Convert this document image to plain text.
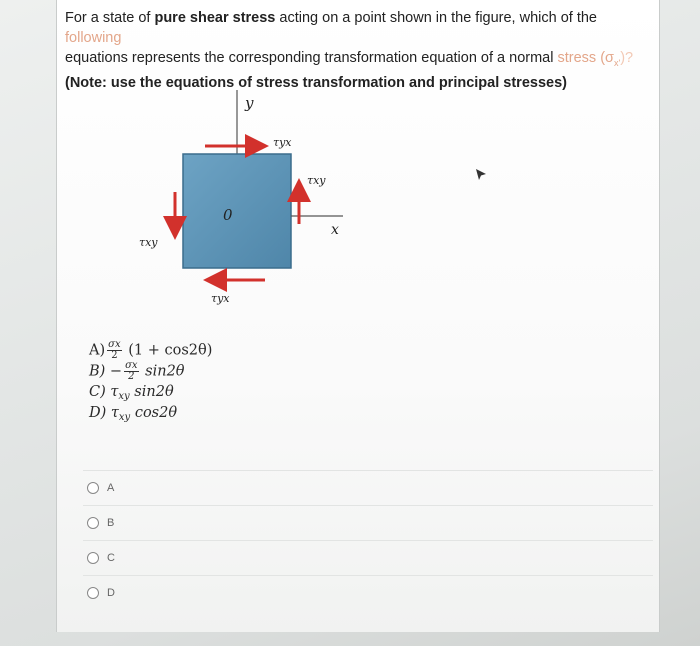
For a state of pure shear stress acting on a point shown in the figure, which of the following
equations represents the corresponding transformation equation of a normal stress $(\sigma_{x'})$?
(Note: use the equations of stress transformation and principal stresses)
y
x
0
τyx
τyx
τxy
τxy
$A) \frac{\sigma x}{2} (1 + \cos 2\theta)$
$B) - \frac{\sigma x}{2} \sin 2\theta$
C) $\tau_{xy}$ sin2θ
D) $\tau_{xy}$ cos2θ
A
B
C
D
